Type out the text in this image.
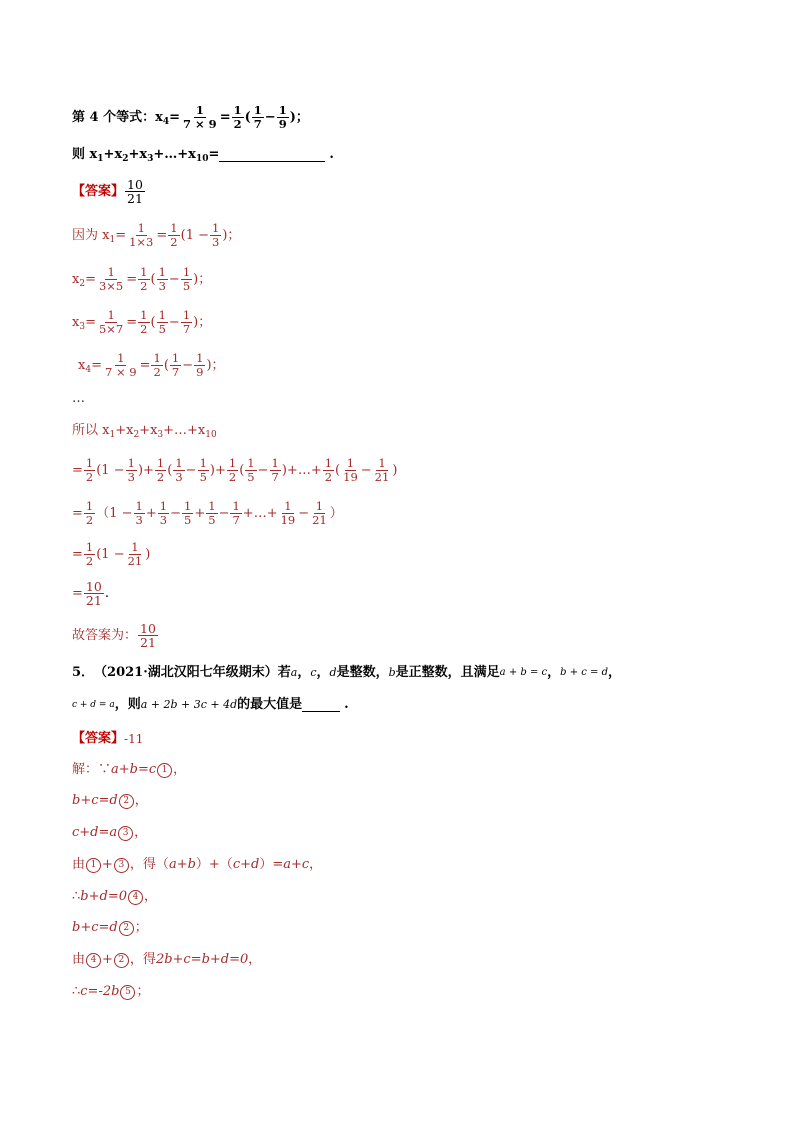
第 4 个等式：x $4 = \frac{1}{7 \times 9} = \frac{1}{2}$ ( $\frac{1}{7} - \frac{1}{9}$ )；
则 x 1 +x 2 +x 3 +…+x 10 =	.
【答案】 $\frac{10}{21}$
因为 x $1 = \frac{1}{1\times 3} = \frac{1}{2} (1 - \frac{1}{3}$ )；
x $2 = \frac{1}{3\times 5} = \frac{1}{2}$ ( $\frac{1}{3} - \frac{1}{5}$ )；
x $3 = \frac{1}{5\times 7} = \frac{1}{2}$ ( $\frac{1}{5} - \frac{1}{7}$ )；
x $4 = \frac{1}{7 \times 9} = \frac{1}{2}$ ( $\frac{1}{7} - \frac{1}{9}$ )；
…
所以 x 1 +x 2 +x 3 +…+x 10
= $\frac{1}{2} (1 - \frac{1}{3}$ ) + $\frac{1}{2}$ ( $\frac{1}{3} - \frac{1}{5}$ ) + $\frac{1}{2}$ ( $\frac{1}{5} - \frac{1}{7}$ ) +…+ $\frac{1}{2}$ ( $\frac{1}{19} - \frac{1}{21}$ )
= $\frac{1}{2} (1 - \frac{1}{3} + \frac{1}{3} - \frac{1}{5} + \frac{1}{5} - \frac{1}{7}$ +…+ $\frac{1}{19} - \frac{1}{21}$ ）
= $\frac{1}{2} (1 - \frac{1}{21}$ )
= $\frac{10}{21}$ .
故答案为： $\frac{10}{21}$
5． （2021·湖北汉阳七年级期末） 若 a ， c ， d 是整数， b 是正整数，且满足 a + b = c ， b + c = d ，
c + d = a ，则 a + 2b + 3c + 4d 的最大值是	.
【答案】 -11
解：∵ a+b=c 1 ，
b+c=d 2 ，
c+d=a 3 ，
由 1 + 3 ，得（ a+b ）+（ c+d ）= a+c ，
∴ b+d=0 4 ，
b+c=d 2 ；
由 4 + 2 ，得 2b+c=b+d=0 ，
∴ c=-2b 5 ；
